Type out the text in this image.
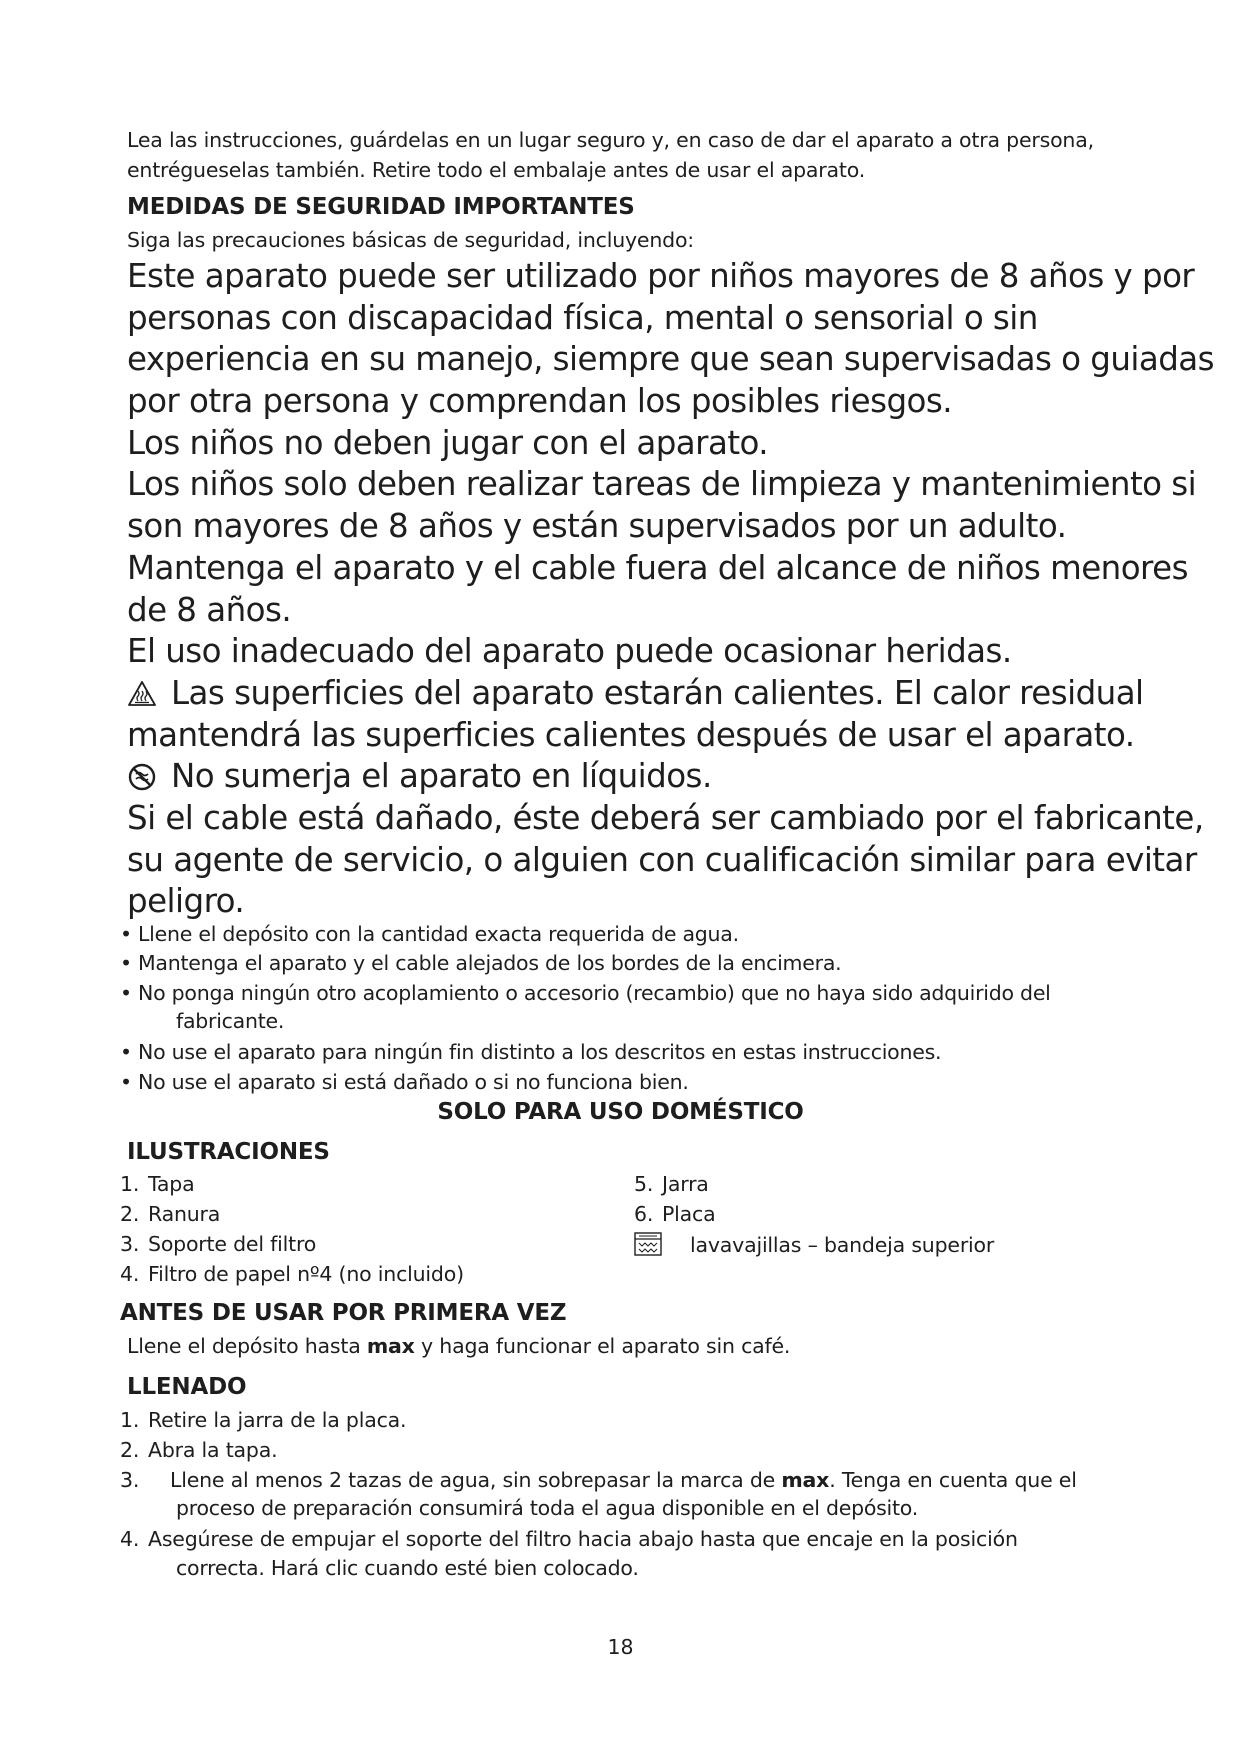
Lea las instrucciones, guárdelas en un lugar seguro y, en caso de dar el aparato a otra persona,
entrégueselas también. Retire todo el embalaje antes de usar el aparato.
MEDIDAS DE SEGURIDAD IMPORTANTES
Siga las precauciones básicas de seguridad, incluyendo:
Este aparato puede ser utilizado por niños mayores de 8 años y por
personas con discapacidad física, mental o sensorial o sin
experiencia en su manejo, siempre que sean supervisadas o guiadas
por otra persona y comprendan los posibles riesgos.
Los niños no deben jugar con el aparato.
Los niños solo deben realizar tareas de limpieza y mantenimiento si
son mayores de 8 años y están supervisados por un adulto.
Mantenga el aparato y el cable fuera del alcance de niños menores
de 8 años.
El uso inadecuado del aparato puede ocasionar heridas.
Las superficies del aparato estarán calientes. El calor residual
mantendrá las superficies calientes después de usar el aparato.
No sumerja el aparato en líquidos.
Si el cable está dañado, éste deberá ser cambiado por el fabricante,
su agente de servicio, o alguien con cualificación similar para evitar
peligro.
• Llene el depósito con la cantidad exacta requerida de agua.
• Mantenga el aparato y el cable alejados de los bordes de la encimera.
• No ponga ningún otro acoplamiento o accesorio (recambio) que no haya sido adquirido del
fabricante.
• No use el aparato para ningún fin distinto a los descritos en estas instrucciones.
• No use el aparato si está dañado o si no funciona bien.
SOLO PARA USO DOMÉSTICO
ILUSTRACIONES
1. Tapa
2. Ranura
3. Soporte del filtro
4. Filtro de papel nº4 (no incluido)
5. Jarra
6. Placa
lavavajillas – bandeja superior
ANTES DE USAR POR PRIMERA VEZ
Llene el depósito hasta max y haga funcionar el aparato sin café.
LLENADO
1. Retire la jarra de la placa.
2. Abra la tapa.
3. Llene al menos 2 tazas de agua, sin sobrepasar la marca de max. Tenga en cuenta que el
proceso de preparación consumirá toda el agua disponible en el depósito.
4. Asegúrese de empujar el soporte del filtro hacia abajo hasta que encaje en la posición
correcta. Hará clic cuando esté bien colocado.
18
